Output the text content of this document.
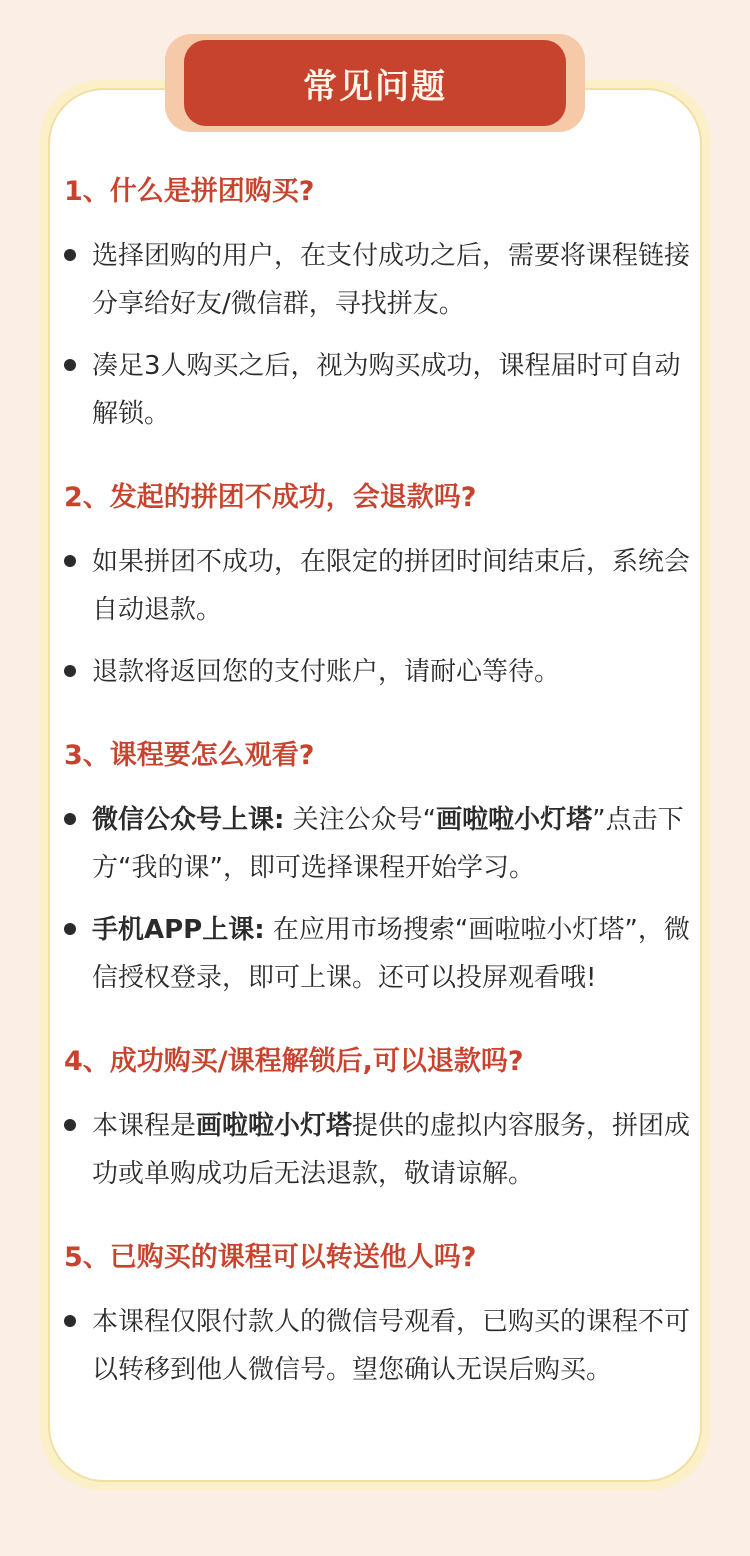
常见问题

1、什么是拼团购买?

选择团购的用户，在支付成功之后，需要将课程链接分享给好友/微信群，寻找拼友。
凑足3人购买之后，视为购买成功，课程届时可自动解锁。

2、发起的拼团不成功，会退款吗?

如果拼团不成功，在限定的拼团时间结束后，系统会自动退款。
退款将返回您的支付账户，请耐心等待。

3、课程要怎么观看?

微信公众号上课: 关注公众号“画啦啦小灯塔”点击下方“我的课”，即可选择课程开始学习。
手机APP上课: 在应用市场搜索“画啦啦小灯塔”，微信授权登录，即可上课。还可以投屏观看哦!

4、成功购买/课程解锁后,可以退款吗?

本课程是画啦啦小灯塔提供的虚拟内容服务，拼团成功或单购成功后无法退款，敬请谅解。

5、已购买的课程可以转送他人吗?

本课程仅限付款人的微信号观看，已购买的课程不可以转移到他人微信号。望您确认无误后购买。
